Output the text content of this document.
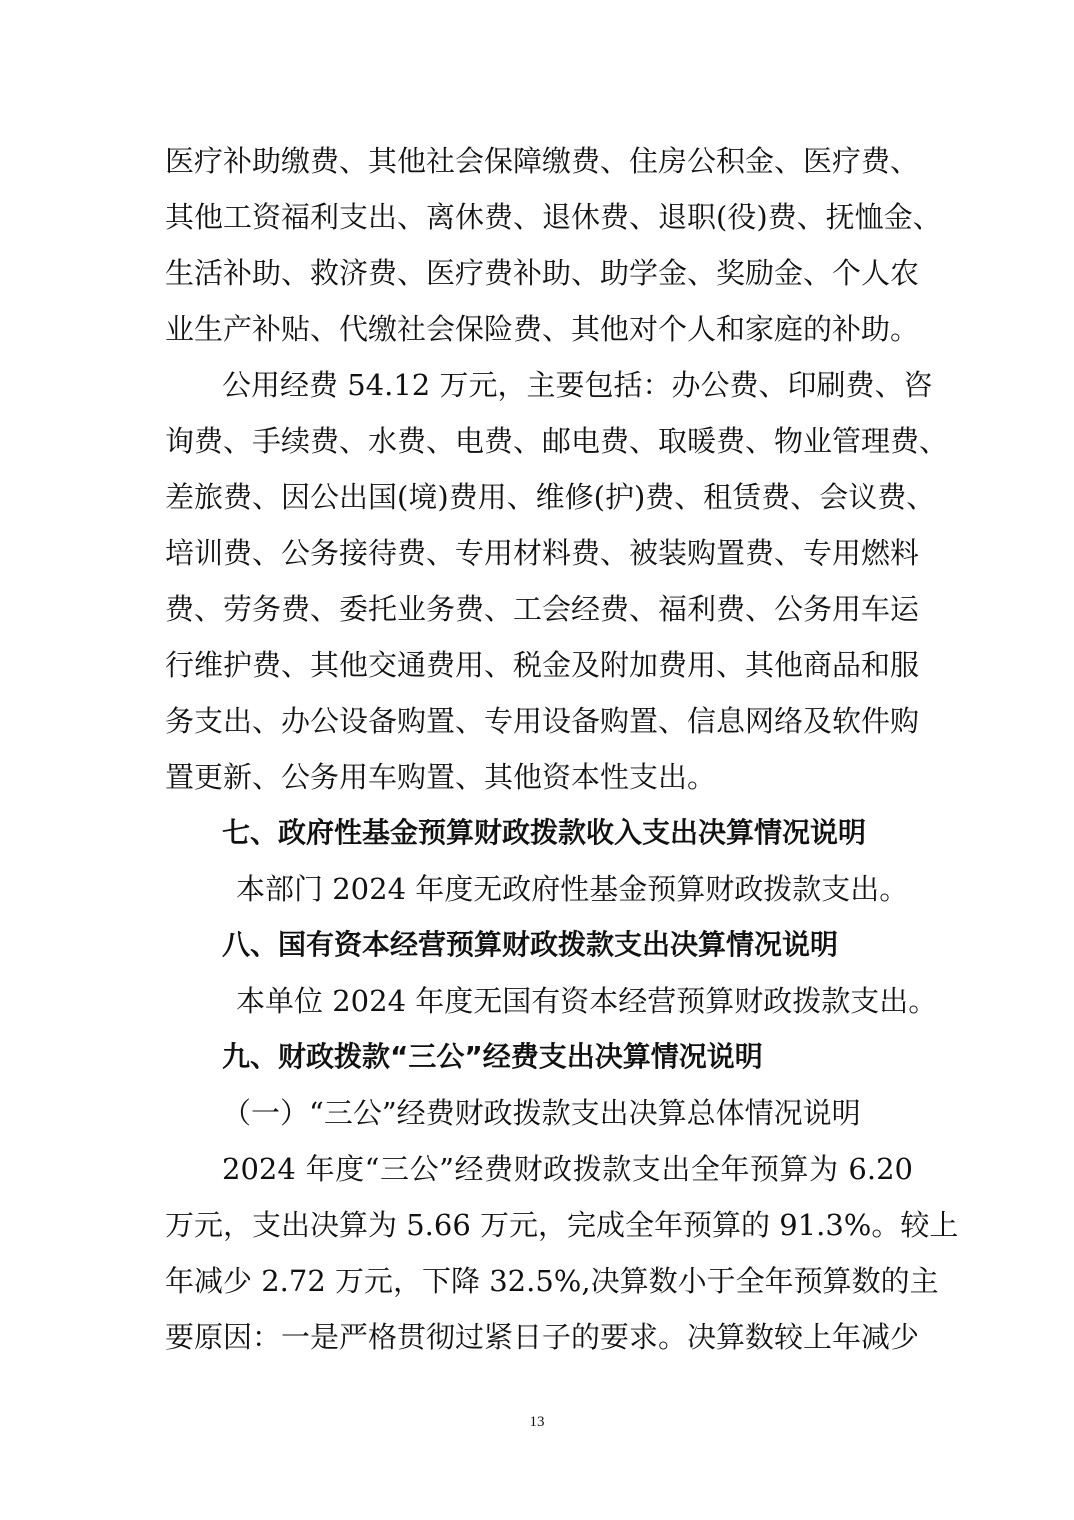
医疗补助缴费、其他社会保障缴费、住房公积金、医疗费、
其他工资福利支出、离休费、退休费、退职(役)费、抚恤金、
生活补助、救济费、医疗费补助、助学金、奖励金、个人农
业生产补贴、代缴社会保险费、其他对个人和家庭的补助。
公用经费 54.12 万元，主要包括：办公费、印刷费、咨
询费、手续费、水费、电费、邮电费、取暖费、物业管理费、
差旅费、因公出国(境)费用、维修(护)费、租赁费、会议费、
培训费、公务接待费、专用材料费、被装购置费、专用燃料
费、劳务费、委托业务费、工会经费、福利费、公务用车运
行维护费、其他交通费用、税金及附加费用、其他商品和服
务支出、办公设备购置、专用设备购置、信息网络及软件购
置更新、公务用车购置、其他资本性支出。
七、政府性基金预算财政拨款收入支出决算情况说明
本部门 2024 年度无政府性基金预算财政拨款支出。
八、国有资本经营预算财政拨款支出决算情况说明
本单位 2024 年度无国有资本经营预算财政拨款支出。
九、财政拨款“三公”经费支出决算情况说明
（一）“三公”经费财政拨款支出决算总体情况说明
2024 年度“三公”经费财政拨款支出全年预算为 6.20
万元，支出决算为 5.66 万元，完成全年预算的 91.3%。较上
年减少 2.72 万元，下降 32.5%,决算数小于全年预算数的主
要原因：一是严格贯彻过紧日子的要求。决算数较上年减少
13
